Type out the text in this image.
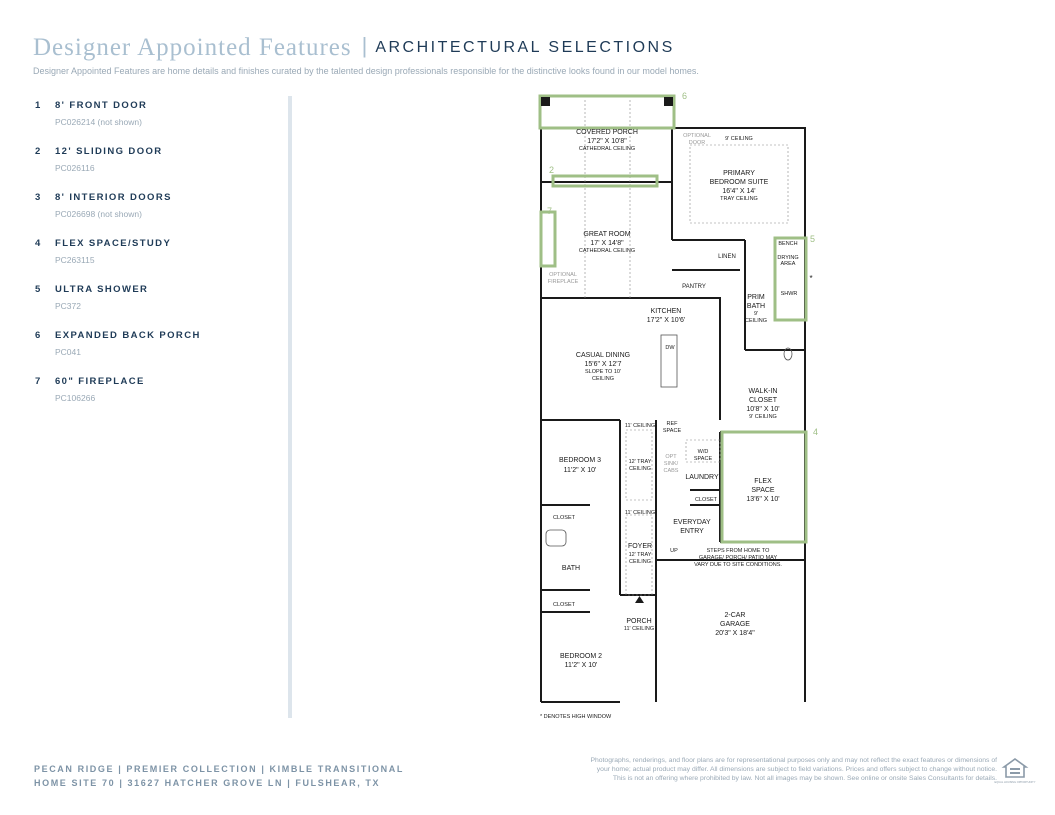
Designer Appointed Features | ARCHITECTURAL SELECTIONS
Designer Appointed Features are home details and finishes curated by the talented design professionals responsible for the distinctive looks found in our model homes.
1 8' FRONT DOOR
PC026214 (not shown)
2 12' SLIDING DOOR
PC026116
3 8' INTERIOR DOORS
PC026698 (not shown)
4 FLEX SPACE/STUDY
PC263115
5 ULTRA SHOWER
PC372
6 EXPANDED BACK PORCH
PC041
7 60" FIREPLACE
PC106266
6
2
7
5
4
COVERED PORCH
17'2" X 10'8"
CATHEDRAL CEILING
OPTIONAL
DOOR
9' CEILING
PRIMARY
BEDROOM SUITE
16'4" X 14'
TRAY CEILING
GREAT ROOM
17' X 14'8"
CATHEDRAL CEILING
OPTIONAL
FIREPLACE
BENCH
DRYING
AREA
SHWR
*
LINEN
PANTRY
PRIM
BATH
9'
CEILING
KITCHEN
17'2" X 10'6'
DW
CASUAL DINING
15'6" X 12'7
SLOPE TO 10'
CEILING
WALK-IN
CLOSET
10'8" X 10'
9' CEILING
11' CEILING REF
SPACE
BEDROOM 3
11'2" X 10'
12' TRAY
CEILING
OPT
SINK/
CABS
W/D
SPACE
LAUNDRY
FLEX
SPACE
13'6" X 10'
CLOSET
CLOSET
11' CEILING
EVERYDAY
ENTRY
UP	STEPS FROM HOME TO
GARAGE/ PORCH/ PATIO MAY
VARY DUE TO SITE CONDITIONS.
FOYER
12' TRAY
CEILING
BATH
CLOSET
PORCH
11' CEILING
2-CAR
GARAGE
20'3" X 18'4"
BEDROOM 2
11'2" X 10'
* DENOTES HIGH WINDOW
PECAN RIDGE | PREMIER COLLECTION | KIMBLE TRANSITIONAL
HOME SITE 70 | 31627 HATCHER GROVE LN | FULSHEAR, TX
Photographs, renderings, and floor plans are for representational purposes only and may not reflect the exact features or dimensions of
your home; actual product may differ. All dimensions are subject to field variations. Prices and offers subject to change without notice.
This is not an offering where prohibited by law. Not all images may be shown. See online or onsite Sales Consultants for details.
EQUAL HOUSING OPPORTUNITY
